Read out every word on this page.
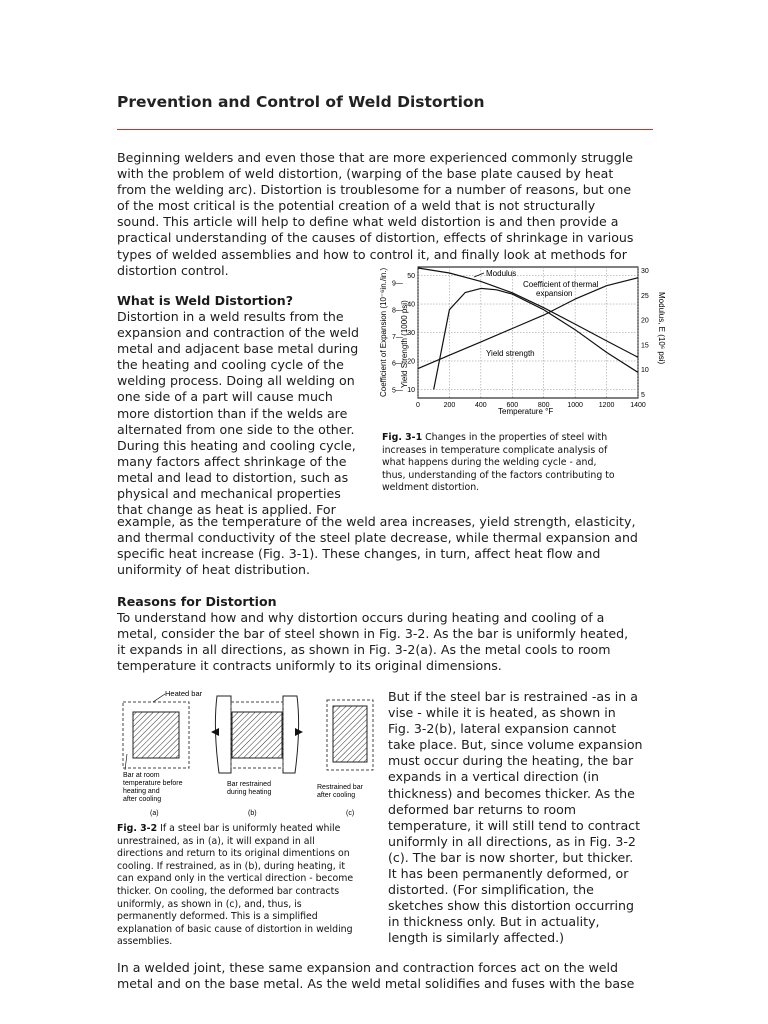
Prevention and Control of Weld Distortion

Beginning welders and even those that are more experienced commonly struggle

with the problem of weld distortion, (warping of the base plate caused by heat

from the welding arc). Distortion is troublesome for a number of reasons, but one

of the most critical is the potential creation of a weld that is not structurally

sound. This article will help to define what weld distortion is and then provide a

practical understanding of the causes of distortion, effects of shrinkage in various

types of welded assemblies and how to control it, and finally look at methods for

distortion control.

What is Weld Distortion?

Distortion in a weld results from the

expansion and contraction of the weld

metal and adjacent base metal during

the heating and cooling cycle of the

welding process. Doing all welding on

one side of a part will cause much

more distortion than if the welds are

alternated from one side to the other.

During this heating and cooling cycle,

many factors affect shrinkage of the

metal and lead to distortion, such as

physical and mechanical properties

that change as heat is applied. For

example, as the temperature of the weld area increases, yield strength, elasticity,

and thermal conductivity of the steel plate decrease, while thermal expansion and

specific heat increase (Fig. 3-1). These changes, in turn, affect heat flow and

uniformity of heat distribution.

0	200	400	600	800	1000 1200 1400
10
20
30
40
50
5—
6—
7—
8—
9—
5
10
15
20
25
30
Coefficient of Expansion (10⁻⁶in./in.) Yield Strength (1000 psi)	Modulus, E (10⁶ psi)
Temperature °F
Modulus
Coefficient of thermal
expansion
Yield strength
Fig. 3-1 Changes in the properties of steel with
increases in temperature complicate analysis of
what happens during the welding cycle - and,
thus, understanding of the factors contributing to
weldment distortion.
Reasons for Distortion

To understand how and why distortion occurs during heating and cooling of a

metal, consider the bar of steel shown in Fig. 3-2. As the bar is uniformly heated,

it expands in all directions, as shown in Fig. 3-2(a). As the metal cools to room

temperature it contracts uniformly to its original dimensions.

Heated bar
Bar at room
temperature before
heating and
after cooling
(a)
Bar restrained
during heating
(b)
Restrained bar
after cooling
(c)
Fig. 3-2 If a steel bar is uniformly heated while
unrestrained, as in (a), it will expand in all
directions and return to its original dimentions on
cooling. If restrained, as in (b), during heating, it
can expand only in the vertical direction - become
thicker. On cooling, the deformed bar contracts
uniformly, as shown in (c), and, thus, is
permanently deformed. This is a simplified
explanation of basic cause of distortion in welding
assemblies.

But if the steel bar is restrained -as in a

vise - while it is heated, as shown in

Fig. 3-2(b), lateral expansion cannot

take place. But, since volume expansion

must occur during the heating, the bar

expands in a vertical direction (in

thickness) and becomes thicker. As the

deformed bar returns to room

temperature, it will still tend to contract

uniformly in all directions, as in Fig. 3-2

(c). The bar is now shorter, but thicker.

It has been permanently deformed, or

distorted. (For simplification, the

sketches show this distortion occurring

in thickness only. But in actuality,

length is similarly affected.)

In a welded joint, these same expansion and contraction forces act on the weld

metal and on the base metal. As the weld metal solidifies and fuses with the base
